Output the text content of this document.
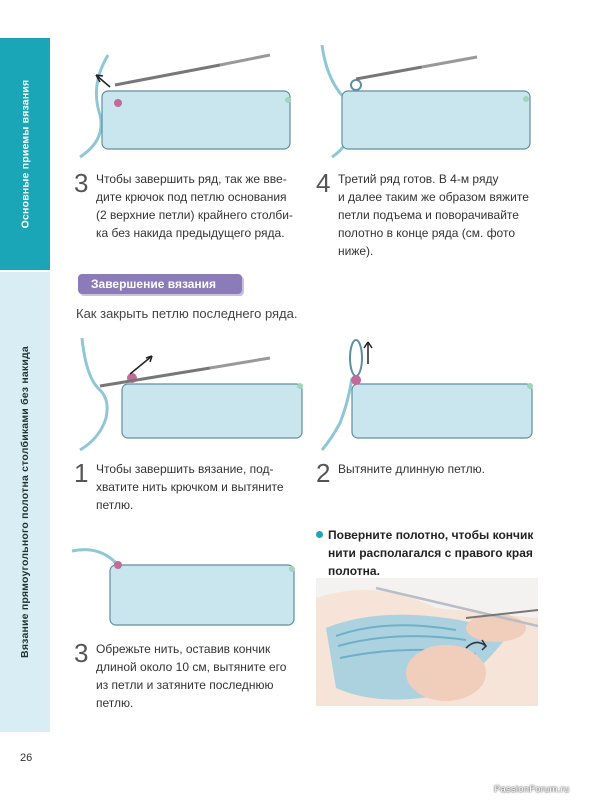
Основные приемы вязания
Вязание прямоугольного полотна столбиками без накида
26
3 Чтобы завершить ряд, так же вве-
дите крючок под петлю основания
(2 верхние петли) крайнего столби-
ка без накида предыдущего ряда.
4 Третий ряд готов. В 4-м ряду
и далее таким же образом вяжите
петли подъема и поворачивайте
полотно в конце ряда (см. фото
ниже).
Завершение вязания
Как закрыть петлю последнего ряда.
1 Чтобы завершить вязание, под-
хватите нить крючком и вытяните
петлю.
2 Вытяните длинную петлю.
3 Обрежьте нить, оставив кончик
длиной около 10 см, вытяните его
из петли и затяните последнюю
петлю.
Поверните полотно, чтобы кончик
нити располагался с правого края
полотна.
PassionForum.ru
